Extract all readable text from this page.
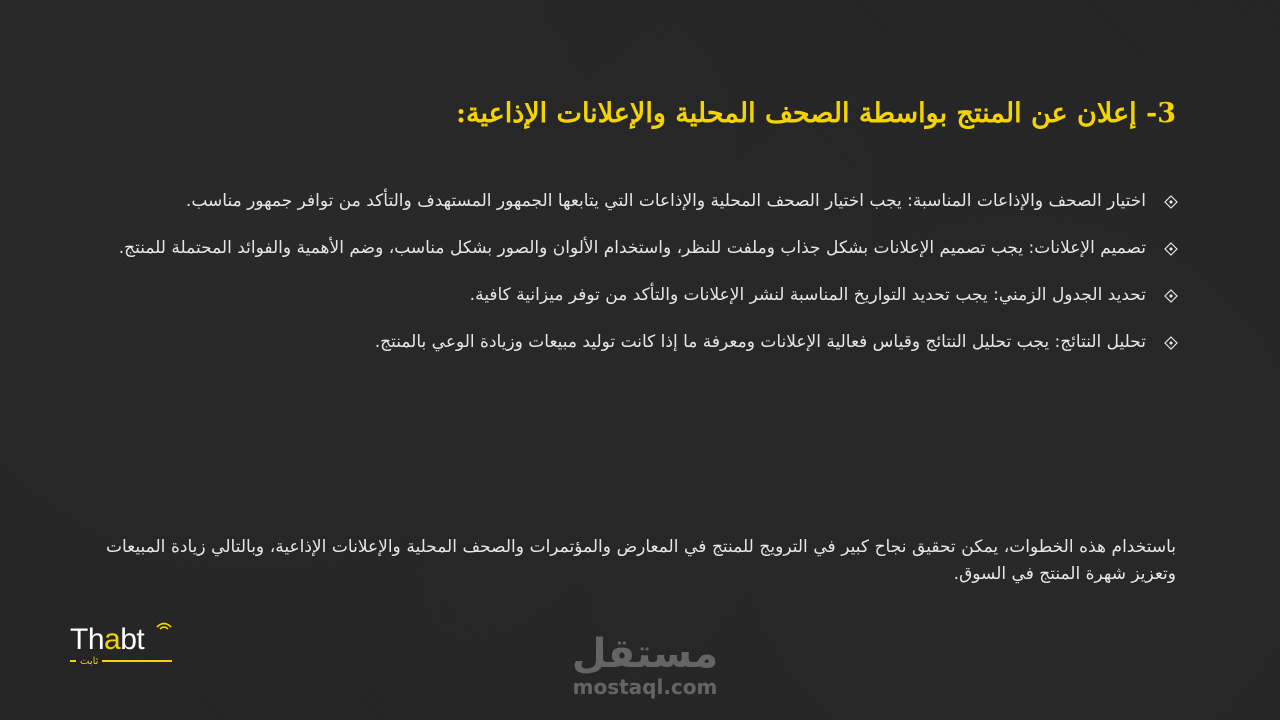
3- إعلان عن المنتج بواسطة الصحف المحلية والإعلانات الإذاعية:
اختيار الصحف والإذاعات المناسبة: يجب اختيار الصحف المحلية والإذاعات التي يتابعها الجمهور المستهدف والتأكد من توافر جمهور مناسب.
تصميم الإعلانات: يجب تصميم الإعلانات بشكل جذاب وملفت للنظر، واستخدام الألوان والصور بشكل مناسب، وضم الأهمية والفوائد المحتملة للمنتج.
تحديد الجدول الزمني: يجب تحديد التواريخ المناسبة لنشر الإعلانات والتأكد من توفر ميزانية كافية.
تحليل النتائج: يجب تحليل النتائج وقياس فعالية الإعلانات ومعرفة ما إذا كانت توليد مبيعات وزيادة الوعي بالمنتج.
باستخدام هذه الخطوات، يمكن تحقيق نجاح كبير في الترويج للمنتج في المعارض والمؤتمرات والصحف المحلية والإعلانات الإذاعية، وبالتالي زيادة المبيعات وتعزيز شهرة المنتج في السوق.
Thabt
ثابت	مستقل
mostaql.com
